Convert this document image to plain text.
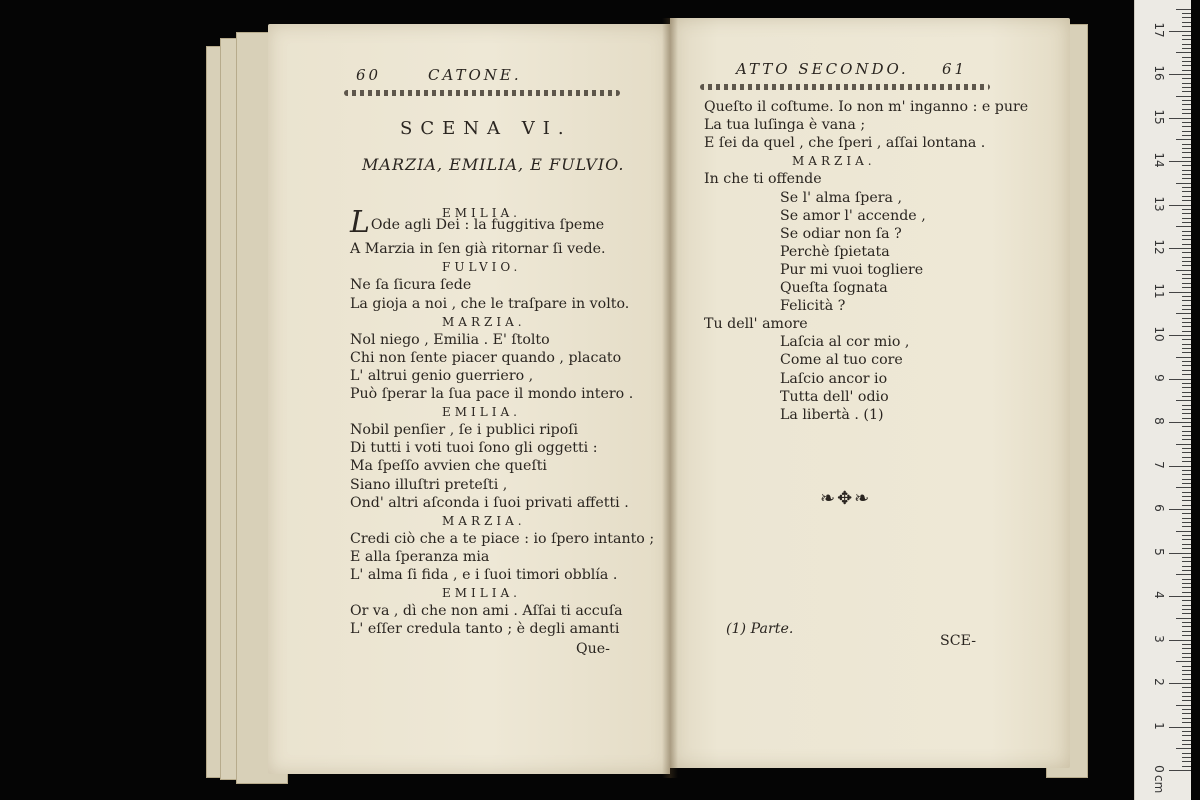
60	CATONE.
SCENA VI.
MARZIA, EMILIA, E FULVIO.
EMILIA.
LOde agli Dei : la fuggitiva ſpeme
A Marzia in ſen già ritornar ſi vede.
FULVIO.
Ne ſa ſicura ſede
La gioja a noi , che le traſpare in volto.
MARZIA.
Nol niego , Emilia . E' ſtolto
Chi non ſente piacer quando , placato
L' altrui genio guerriero ,
Può ſperar la ſua pace il mondo intero .
EMILIA.
Nobil penſier , ſe i publici ripoſi
Di tutti i voti tuoi ſono gli oggetti :
Ma ſpeſſo avvien che queſti
Siano illuſtri preteſti ,
Ond' altri aſconda i ſuoi privati affetti .
MARZIA.
Credi ciò che a te piace : io ſpero intanto ;
E alla ſperanza mia
L' alma ſi fida , e i ſuoi timori obblía .
EMILIA.
Or va , dì che non ami . Aſſai ti accuſa
L' eſſer credula tanto ; è degli amanti
Que-
ATTO SECONDO. 61
Queſto il coſtume. Io non m' inganno : e pure
La tua luſinga è vana ;
E ſei da quel , che ſperi , aſſai lontana .
MARZIA.
In che ti offende
Se l' alma ſpera ,
Se amor l' accende ,
Se odiar non ſa ?
Perchè ſpietata
Pur mi vuoi togliere
Queſta ſognata
Felicità ?
Tu dell' amore
Laſcia al cor mio ,
Come al tuo core
Laſcio ancor io
Tutta dell' odio
La libertà . (1)
❧✥❧
(1) Parte.
SCE-
0
1
2
3
4
5
6
7
8
9
10
11
12
13
14
15
16
17
cm
